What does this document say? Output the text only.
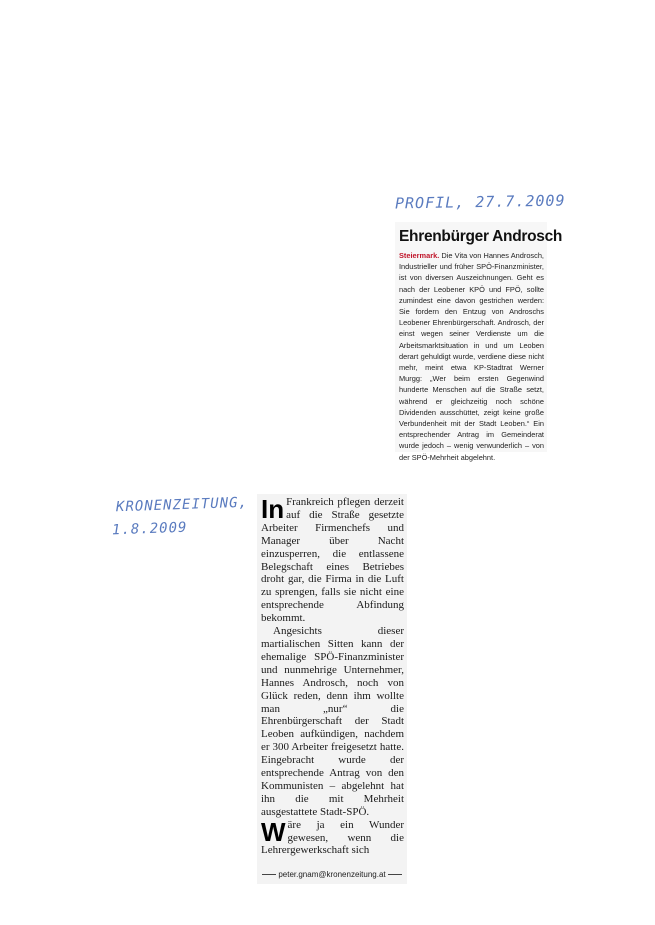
PROFIL, 27.7.2009
Ehrenbürger Androsch
Steiermark. Die Vita von Hannes Androsch, Industrieller und früher SPÖ-Finanzminister, ist von diversen Auszeichnungen. Geht es nach der Leobener KPÖ und FPÖ, sollte zumindest eine davon gestrichen werden: Sie fordern den Entzug von Androschs Leobener Ehrenbürgerschaft. Androsch, der einst wegen seiner Verdienste um die Arbeitsmarktsituation in und um Leoben derart gehuldigt wurde, verdiene diese nicht mehr, meint etwa KP-Stadtrat Werner Murgg: „Wer beim ersten Gegenwind hunderte Menschen auf die Straße setzt, während er gleichzeitig noch schöne Dividenden ausschüttet, zeigt keine große Verbundenheit mit der Stadt Leoben.“ Ein entsprechender Antrag im Gemeinderat wurde jedoch – wenig verwunderlich – von der SPÖ-Mehrheit abgelehnt.
KRONENZEITUNG,
1.8.2009

In Frankreich pflegen derzeit auf die Straße gesetzte Arbeiter Firmenchefs und Manager über Nacht einzusperren, die entlassene Belegschaft eines Betriebes droht gar, die Firma in die Luft zu sprengen, falls sie nicht eine entsprechende Abfindung bekommt.

Angesichts dieser martialischen Sitten kann der ehemalige SPÖ-Finanzminister und nunmehrige Unternehmer, Hannes Androsch, noch von Glück reden, denn ihm wollte man „nur“ die Ehrenbürgerschaft der Stadt Leoben aufkündigen, nachdem er 300 Arbeiter freigesetzt hatte. Eingebracht wurde der entsprechende Antrag von den Kommunisten – abgelehnt hat ihn die mit Mehrheit ausgestattete Stadt-SPÖ.

Wäre ja ein Wunder gewesen, wenn die Lehrergewerkschaft sich

peter.gnam@kronenzeitung.at
